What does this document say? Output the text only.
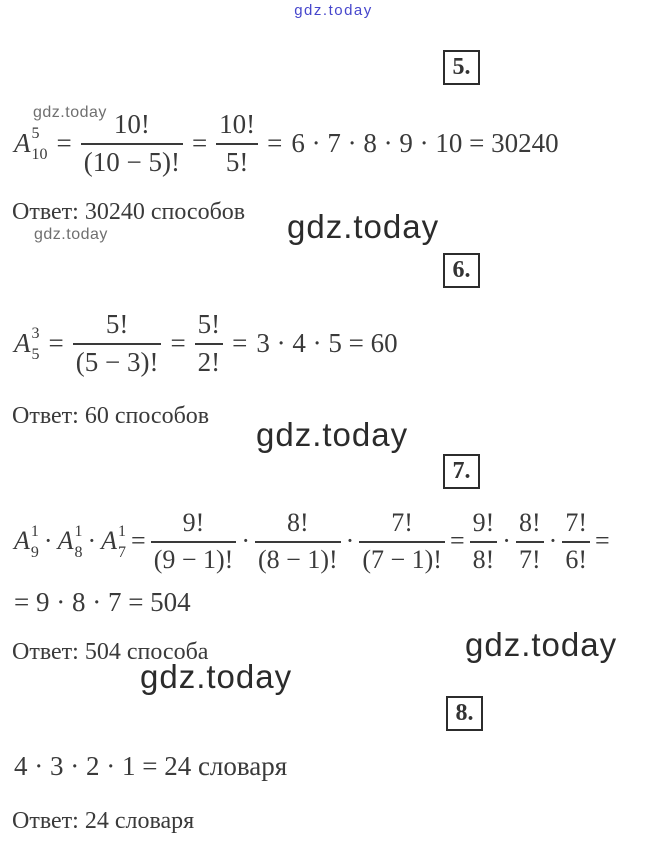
gdz.today
5.
gdz.today
A 5
$10 = \frac{10!}{(10 - 5)!} = \frac{10!}{5!} = 6 \cdot 7 \cdot 8 \cdot 9 \cdot 10 = 30240$
Ответ: 30240 способов
gdz.today	gdz.today
6.
A 3
$5 = \frac{5!}{(5 - 3)!} = \frac{5!}{2!} = 3 \cdot 4 \cdot 5 = 60$
Ответ: 60 способов gdz.today
7.
A 1
9 · A 1
8 · A 1
$7 = \frac{9!}{(9 - 1)!} \cdot \frac{8!}{(8 - 1)!} \cdot \frac{7!}{(7 - 1)!} = \frac{9!}{8!} \cdot \frac{8!}{7!} \cdot \frac{7!}{6!}$ =
= 9 · 8 · 7 = 504
Ответ: 504 способа	gdz.today
gdz.today
8.
4 · 3 · 2 · 1 = 24 словаря
Ответ: 24 словаря
